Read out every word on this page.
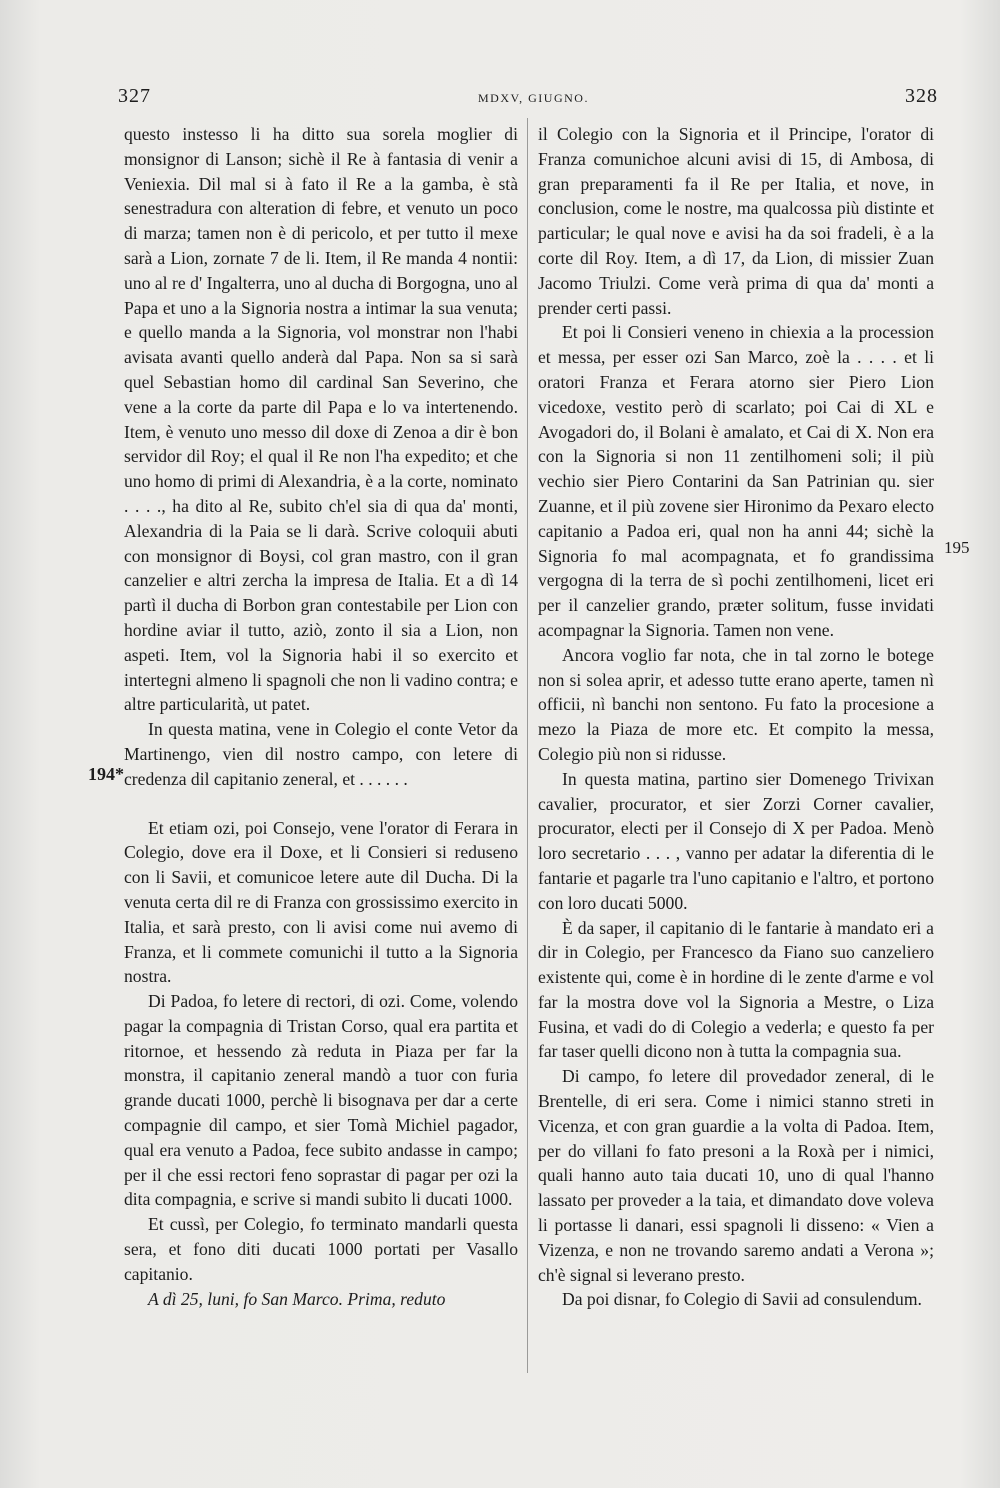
327	MDXV, GIUGNO.	328
194*
195

questo instesso li ha ditto sua sorela moglier di monsignor di Lanson; sichè il Re à fantasia di venir a Veniexia. Dil mal si à fato il Re a la gamba, è stà senestradura con alteration di febre, et venuto un poco di marza; tamen non è di pericolo, et per tutto il mexe sarà a Lion, zornate 7 de li. Item, il Re manda 4 nontii: uno al re d' Ingalterra, uno al ducha di Borgogna, uno al Papa et uno a la Signoria nostra a intimar la sua venuta; e quello manda a la Signoria, vol monstrar non l'habi avisata avanti quello anderà dal Papa. Non sa si sarà quel Sebastian homo dil cardinal San Severino, che vene a la corte da parte dil Papa e lo va intertenendo. Item, è venuto uno messo dil doxe di Zenoa a dir è bon servidor dil Roy; el qual il Re non l'ha expedito; et che uno homo di primi di Alexandria, è a la corte, nominato . . . ., ha dito al Re, subito ch'el sia di qua da' monti, Alexandria di la Paia se li darà. Scrive coloquii abuti con monsignor di Boysi, col gran mastro, con il gran canzelier e altri zercha la impresa de Italia. Et a dì 14 partì il ducha di Borbon gran contestabile per Lion con hordine aviar il tutto, aziò, zonto il sia a Lion, non aspeti. Item, vol la Signoria habi il so exercito et intertegni almeno li spagnoli che non li vadino contra; e altre particularità, ut patet.

In questa matina, vene in Colegio el conte Vetor da Martinengo, vien dil nostro campo, con letere di credenza dil capitanio zeneral, et . . . . . .

Et etiam ozi, poi Consejo, vene l'orator di Ferara in Colegio, dove era il Doxe, et li Consieri si reduseno con li Savii, et comunicoe letere aute dil Ducha. Di la venuta certa dil re di Franza con grossissimo exercito in Italia, et sarà presto, con li avisi come nui avemo di Franza, et li commete comunichi il tutto a la Signoria nostra.

Di Padoa, fo letere di rectori, di ozi. Come, volendo pagar la compagnia di Tristan Corso, qual era partita et ritornoe, et hessendo zà reduta in Piaza per far la monstra, il capitanio zeneral mandò a tuor con furia grande ducati 1000, perchè li bisognava per dar a certe compagnie dil campo, et sier Tomà Michiel pagador, qual era venuto a Padoa, fece subito andasse in campo; per il che essi rectori feno soprastar di pagar per ozi la dita compagnia, e scrive si mandi subito li ducati 1000.

Et cussì, per Colegio, fo terminato mandarli questa sera, et fono diti ducati 1000 portati per Vasallo capitanio.

A dì 25, luni, fo San Marco. Prima, reduto

il Colegio con la Signoria et il Principe, l'orator di Franza comunichoe alcuni avisi di 15, di Ambosa, di gran preparamenti fa il Re per Italia, et nove, in conclusion, come le nostre, ma qualcossa più distinte et particular; le qual nove e avisi ha da soi fradeli, è a la corte dil Roy. Item, a dì 17, da Lion, di missier Zuan Jacomo Triulzi. Come verà prima di qua da' monti a prender certi passi.

Et poi li Consieri veneno in chiexia a la procession et messa, per esser ozi San Marco, zoè la . . . . et li oratori Franza et Ferara atorno sier Piero Lion vicedoxe, vestito però di scarlato; poi Cai di XL e Avogadori do, il Bolani è amalato, et Cai di X. Non era con la Signoria si non 11 zentilhomeni soli; il più vechio sier Piero Contarini da San Patrinian qu. sier Zuanne, et il più zovene sier Hironimo da Pexaro electo capitanio a Padoa eri, qual non ha anni 44; sichè la Signoria fo mal acompagnata, et fo grandissima vergogna di la terra de sì pochi zentilhomeni, licet eri per il canzelier grando, præter solitum, fusse invidati acompagnar la Signoria. Tamen non vene.

Ancora voglio far nota, che in tal zorno le botege non si solea aprir, et adesso tutte erano aperte, tamen nì officii, nì banchi non sentono. Fu fato la procesione a mezo la Piaza de more etc. Et compito la messa, Colegio più non si ridusse.

In questa matina, partino sier Domenego Trivixan cavalier, procurator, et sier Zorzi Corner cavalier, procurator, electi per il Consejo di X per Padoa. Menò loro secretario . . . , vanno per adatar la diferentia di le fantarie et pagarle tra l'uno capitanio e l'altro, et portono con loro ducati 5000.

È da saper, il capitanio di le fantarie à mandato eri a dir in Colegio, per Francesco da Fiano suo canzeliero existente qui, come è in hordine di le zente d'arme e vol far la mostra dove vol la Signoria a Mestre, o Liza Fusina, et vadi do di Colegio a vederla; e questo fa per far taser quelli dicono non à tutta la compagnia sua.

Di campo, fo letere dil provedador zeneral, di le Brentelle, di eri sera. Come i nimici stanno streti in Vicenza, et con gran guardie a la volta di Padoa. Item, per do villani fo fato presoni a la Roxà per i nimici, quali hanno auto taia ducati 10, uno di qual l'hanno lassato per proveder a la taia, et dimandato dove voleva li portasse li danari, essi spagnoli li disseno: « Vien a Vizenza, e non ne trovando saremo andati a Verona »; ch'è signal si leverano presto.

Da poi disnar, fo Colegio di Savii ad consulendum.
